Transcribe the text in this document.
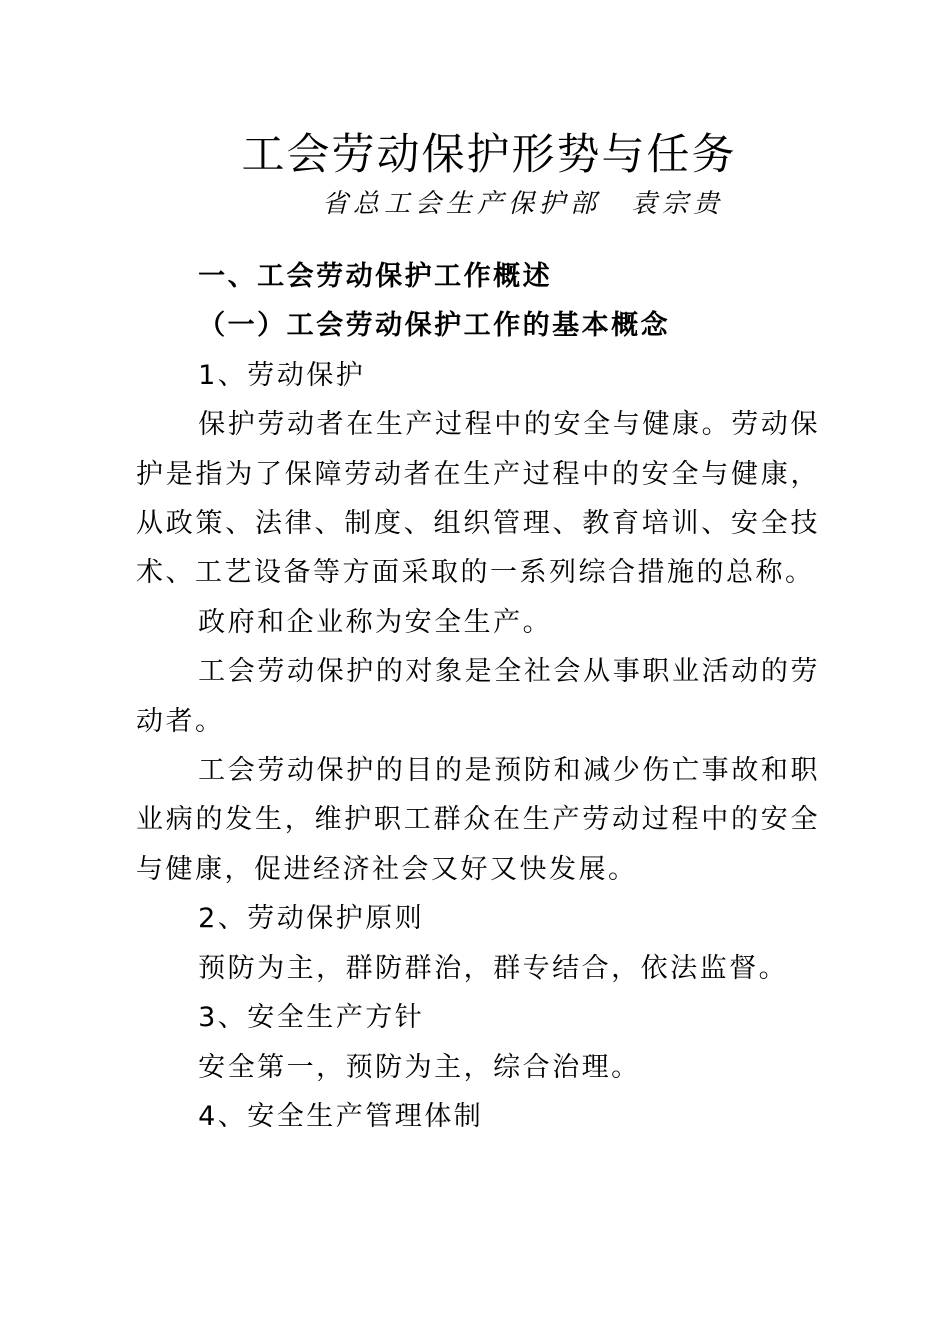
工会劳动保护形势与任务
省总工会生产保护部 袁宗贵

一、工会劳动保护工作概述

（一）工会劳动保护工作的基本概念

1、劳动保护

保护劳动者在生产过程中的安全与健康。劳动保护是指为了保障劳动者在生产过程中的安全与健康，从政策、法律、制度、组织管理、教育培训、安全技术、工艺设备等方面采取的一系列综合措施的总称。

政府和企业称为安全生产。

工会劳动保护的对象是全社会从事职业活动的劳动者。

工会劳动保护的目的是预防和减少伤亡事故和职业病的发生，维护职工群众在生产劳动过程中的安全与健康，促进经济社会又好又快发展。

2、劳动保护原则

预防为主，群防群治，群专结合，依法监督。

3、安全生产方针

安全第一，预防为主，综合治理。

4、安全生产管理体制
